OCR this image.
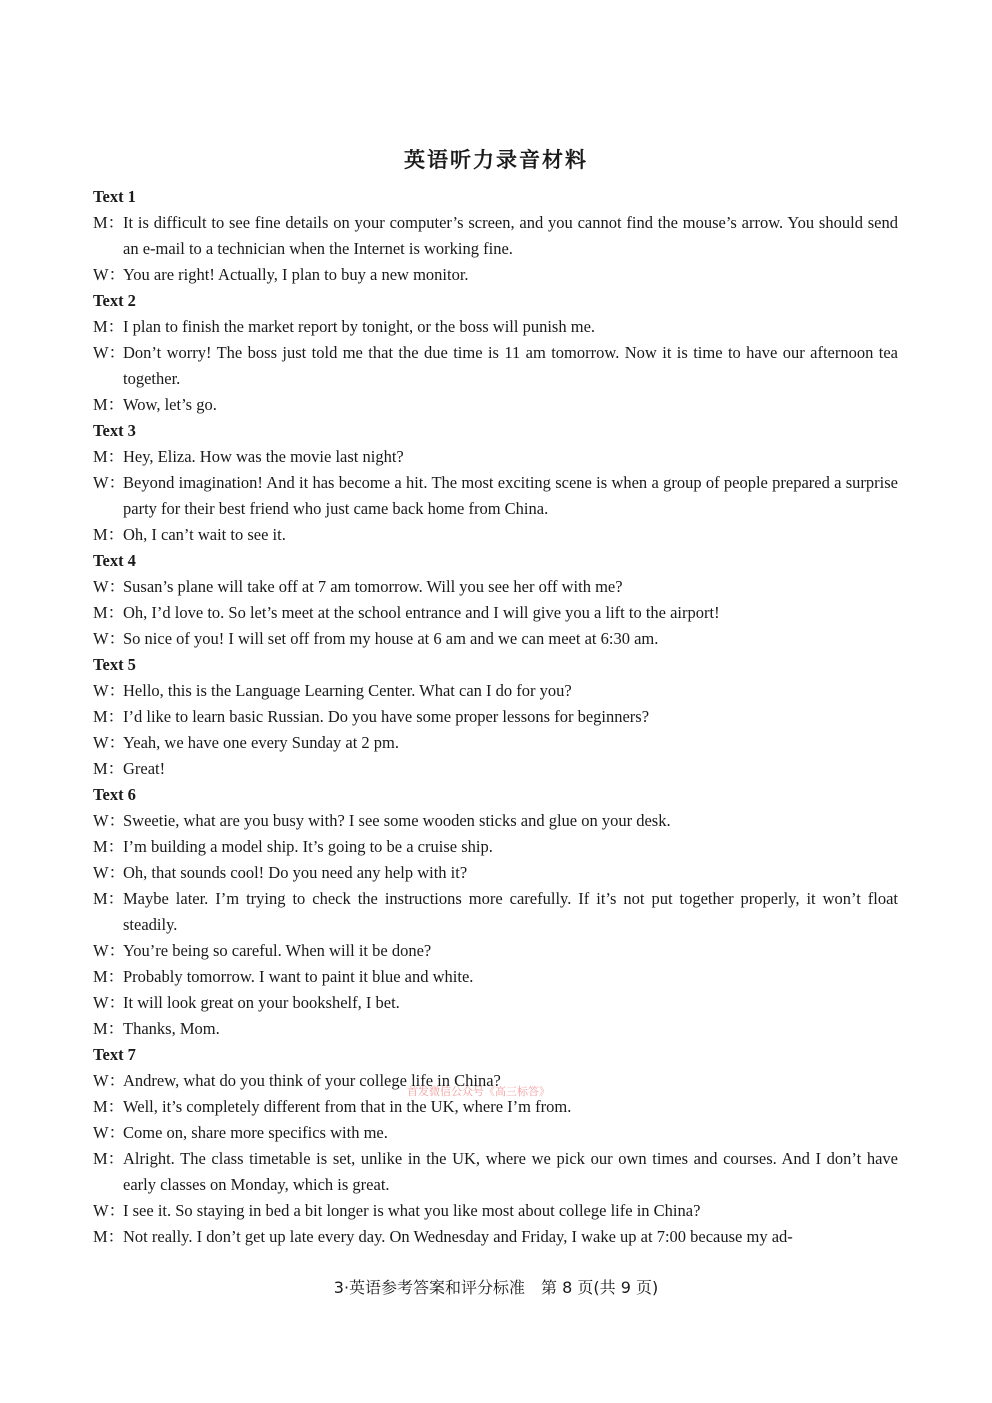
英语听力录音材料
Text 1
M：It is difficult to see fine details on your computer’s screen, and you cannot find the mouse’s arrow. You should send an e-mail to a technician when the Internet is working fine.
W：You are right! Actually, I plan to buy a new monitor.
Text 2
M：I plan to finish the market report by tonight, or the boss will punish me.
W：Don’t worry! The boss just told me that the due time is 11 am tomorrow. Now it is time to have our afternoon tea together.
M：Wow, let’s go.
Text 3
M：Hey, Eliza. How was the movie last night?
W：Beyond imagination! And it has become a hit. The most exciting scene is when a group of people prepared a surprise party for their best friend who just came back home from China.
M：Oh, I can’t wait to see it.
Text 4
W：Susan’s plane will take off at 7 am tomorrow. Will you see her off with me?
M：Oh, I’d love to. So let’s meet at the school entrance and I will give you a lift to the airport!
W：So nice of you! I will set off from my house at 6 am and we can meet at 6:30 am.
Text 5
W：Hello, this is the Language Learning Center. What can I do for you?
M：I’d like to learn basic Russian. Do you have some proper lessons for beginners?
W：Yeah, we have one every Sunday at 2 pm.
M：Great!
Text 6
W：Sweetie, what are you busy with? I see some wooden sticks and glue on your desk.
M：I’m building a model ship. It’s going to be a cruise ship.
W：Oh, that sounds cool! Do you need any help with it?
M：Maybe later. I’m trying to check the instructions more carefully. If it’s not put together properly, it won’t float steadily.
W：You’re being so careful. When will it be done?
M：Probably tomorrow. I want to paint it blue and white.
W：It will look great on your bookshelf, I bet.
M：Thanks, Mom.
Text 7
W：Andrew, what do you think of your college life in China?
M：Well, it’s completely different from that in the UK, where I’m from.
W：Come on, share more specifics with me.
M：Alright. The class timetable is set, unlike in the UK, where we pick our own times and courses. And I don’t have early classes on Monday, which is great.
W：I see it. So staying in bed a bit longer is what you like most about college life in China?
M：Not really. I don’t get up late every day. On Wednesday and Friday, I wake up at 7:00 because my ad-
首发微信公众号《高三标答》
3·英语参考答案和评分标准　第 8 页(共 9 页)
